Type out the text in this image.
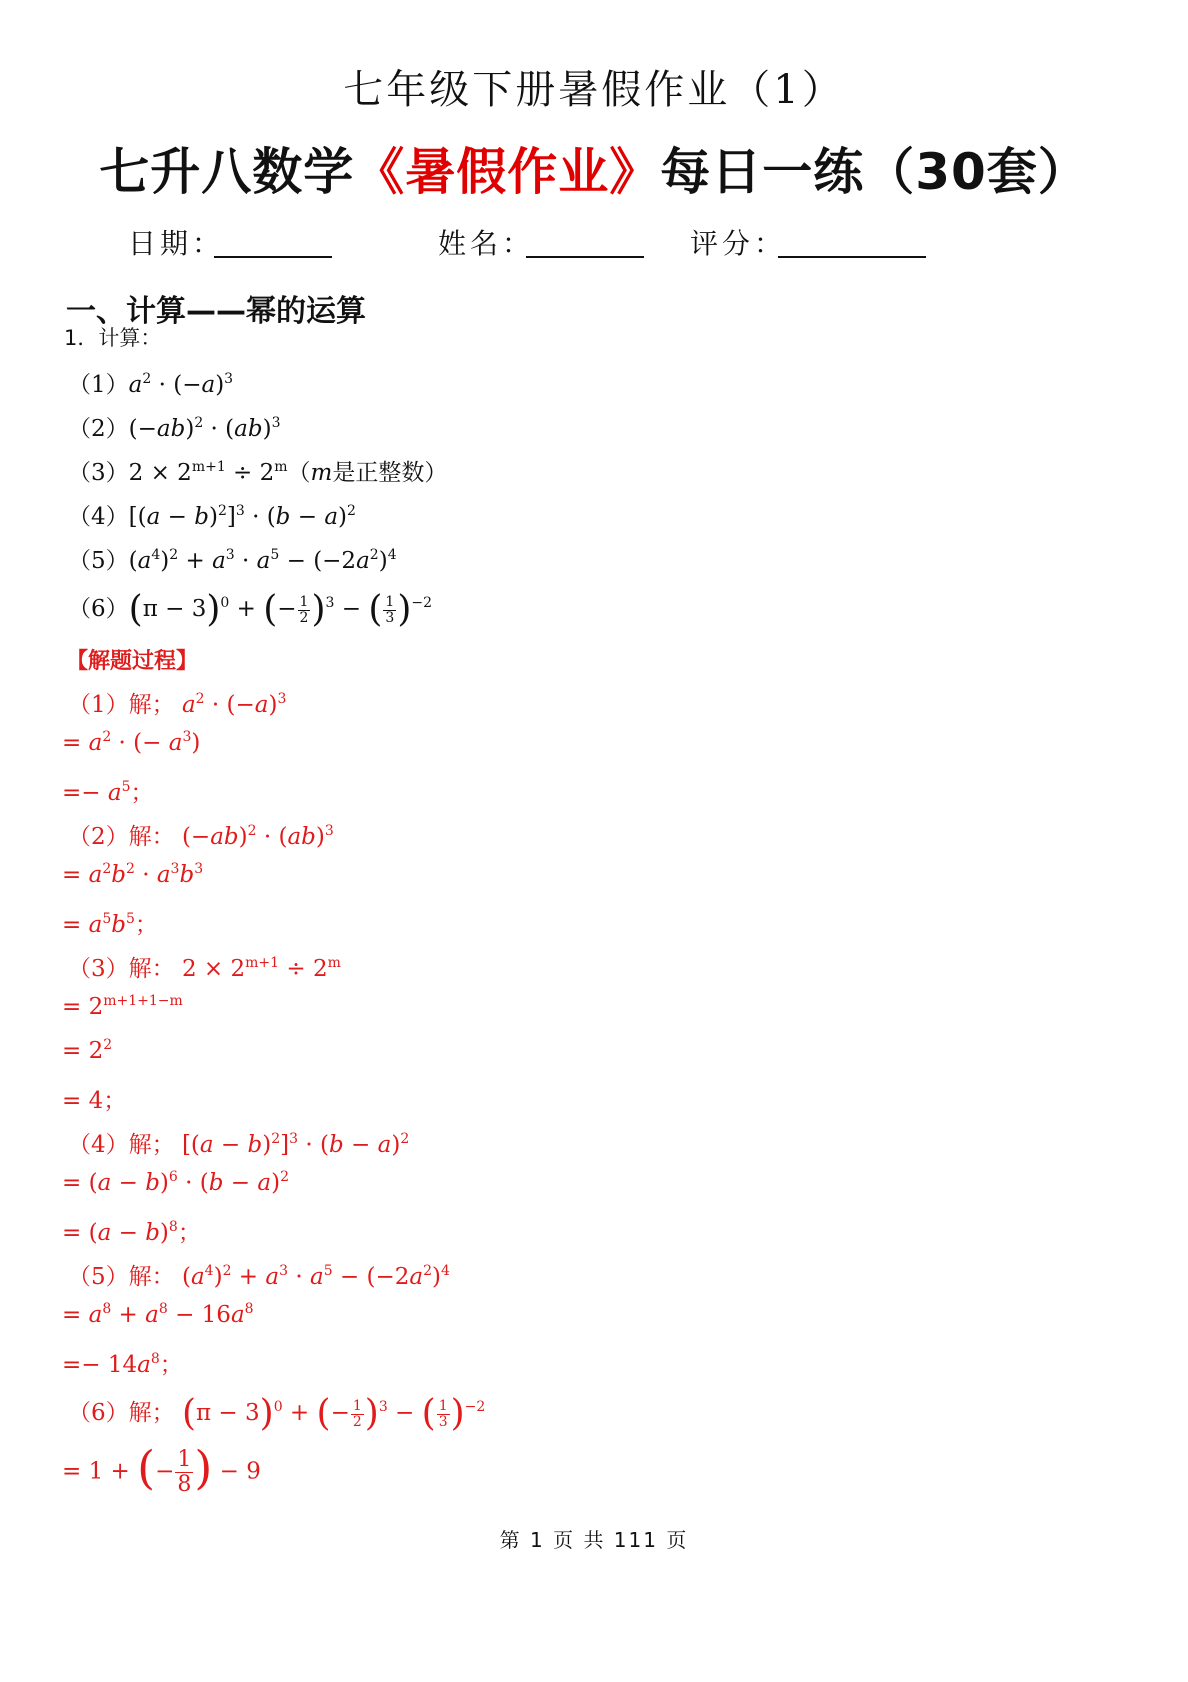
七年级下册暑假作业（1）
七升八数学《暑假作业》每日一练（30套）
日期：	姓名：	评分：
一、计算——幂的运算
1．计算：
$(1)a^2 \cdot (-a)^3$
$(2)(-ab)^2 \cdot (ab)^3$
$(3)2 \times 2^{m+1} \div 2^m(m$是正整数）
$(4)[(a - b)^2]^3 \cdot (b - a)^2$
$(5)(a^4)^2 + a^3 \cdot a^5 - (-2a^2)^4$
$(6)(\pi - 3)^0$ + (− $\frac{1}{2} )^3$ − ( $\frac{1}{3} )^{-2}$
【解题过程】
（1）解； $a^2 \cdot (-a)^3$
= $a^2$ · (− $a^3$)
=− $a^5$；
（2）解： $(-ab)^2 \cdot (ab)^3$
= $a^2b^2 \cdot a^3b^3$
= $a^5b^5$；
（3）解： $2 \times 2^{m+1} \div 2^m$
= $2^{m+1+1-m}$
= $2^2$
= 4；
（4）解； $[(a - b)^2]^3 \cdot (b - a)^2$
= $(a - b)^6 \cdot (b - a)^2$
= $(a - b)^8$；
（5）解： $(a^4)^2 + a^3 \cdot a^5 - (-2a^2)^4$
= $a^8 + a^8 - 16a^8$
=− $14a^8$；
（6）解； $(\pi - 3)^0$ + (− $\frac{1}{2} )^3$ − ( $\frac{1}{3} )^{-2}$
= 1 + (− $\frac{1}{8}$ ) − 9
第 1 页 共 111 页
